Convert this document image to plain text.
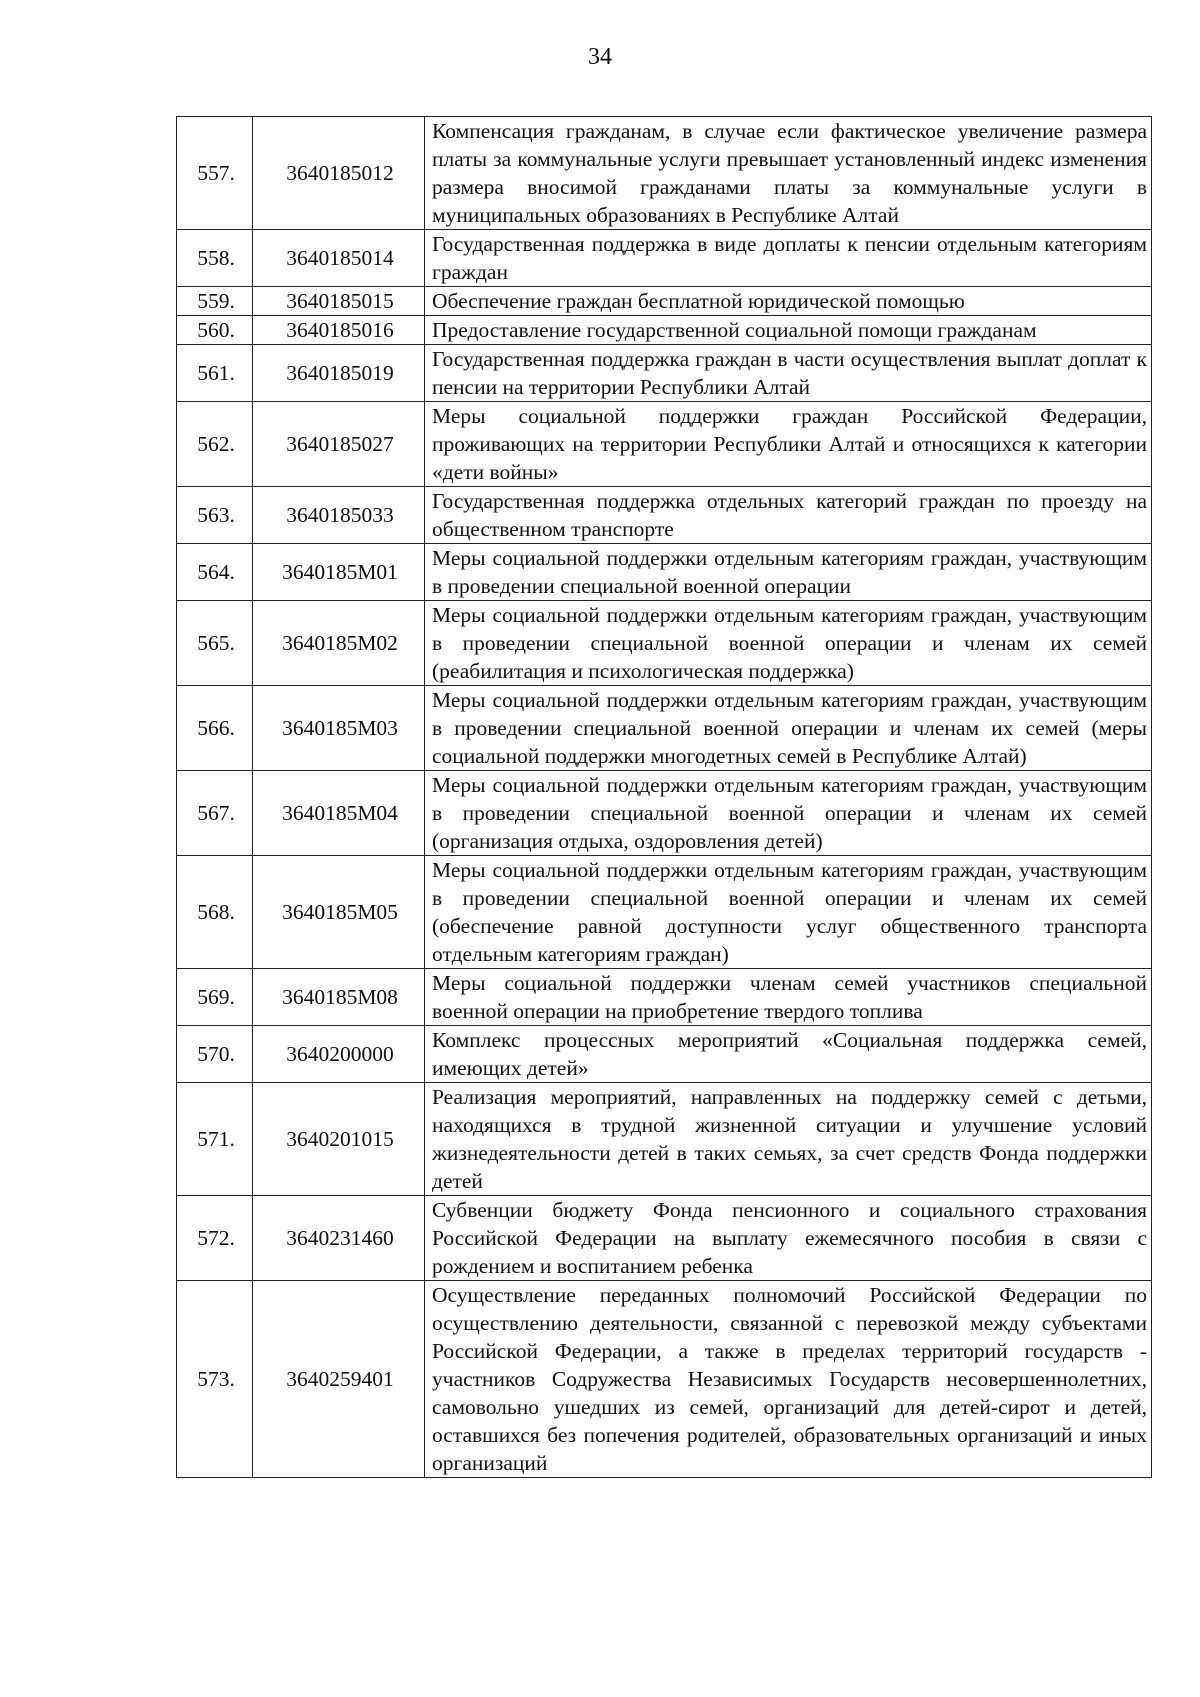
34
557.	3640185012	Компенсация гражданам, в случае если фактическое увеличение размера платы за коммунальные услуги превышает установленный индекс изменения размера вносимой гражданами платы за коммунальные услуги в муниципальных образованиях в Республике Алтай
558.	3640185014	Государственная поддержка в виде доплаты к пенсии отдельным категориям граждан
559.	3640185015	Обеспечение граждан бесплатной юридической помощью
560.	3640185016	Предоставление государственной социальной помощи гражданам
561.	3640185019	Государственная поддержка граждан в части осуществления выплат доплат к пенсии на территории Республики Алтай
562.	3640185027	Меры социальной поддержки граждан Российской Федерации, проживающих на территории Республики Алтай и относящихся к категории «дети войны»
563.	3640185033	Государственная поддержка отдельных категорий граждан по проезду на общественном транспорте
564.	3640185М01	Меры социальной поддержки отдельным категориям граждан, участвующим в проведении специальной военной операции
565.	3640185М02	Меры социальной поддержки отдельным категориям граждан, участвующим в проведении специальной военной операции и членам их семей (реабилитация и психологическая поддержка)
566.	3640185М03	Меры социальной поддержки отдельным категориям граждан, участвующим в проведении специальной военной операции и членам их семей (меры социальной поддержки многодетных семей в Республике Алтай)
567.	3640185М04	Меры социальной поддержки отдельным категориям граждан, участвующим в проведении специальной военной операции и членам их семей (организация отдыха, оздоровления детей)
568.	3640185М05	Меры социальной поддержки отдельным категориям граждан, участвующим в проведении специальной военной операции и членам их семей (обеспечение равной доступности услуг общественного транспорта отдельным категориям граждан)
569.	3640185М08	Меры социальной поддержки членам семей участников специальной военной операции на приобретение твердого топлива
570.	3640200000	Комплекс процессных мероприятий «Социальная поддержка семей, имеющих детей»
571.	3640201015	Реализация мероприятий, направленных на поддержку семей с детьми, находящихся в трудной жизненной ситуации и улучшение условий жизнедеятельности детей в таких семьях, за счет средств Фонда поддержки детей
572.	3640231460	Субвенции бюджету Фонда пенсионного и социального страхования Российской Федерации на выплату ежемесячного пособия в связи с рождением и воспитанием ребенка
573.	3640259401	Осуществление переданных полномочий Российской Федерации по осуществлению деятельности, связанной с перевозкой между субъектами Российской Федерации, а также в пределах территорий государств - участников Содружества Независимых Государств несовершеннолетних, самовольно ушедших из семей, организаций для детей-сирот и детей, оставшихся без попечения родителей, образовательных организаций и иных организаций
